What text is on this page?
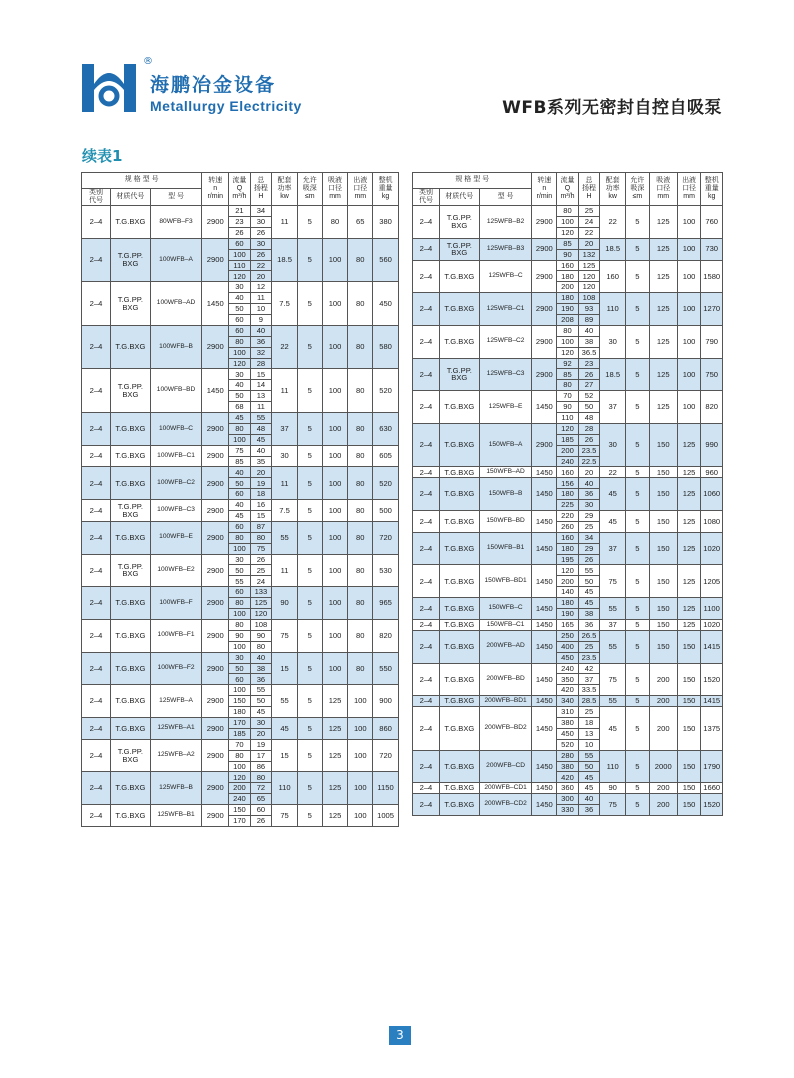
®
海鹏冶金设备
Metallurgy Electricity	WFB系列无密封自控自吸泵
续表1
规 格 型 号			转速
n
r/min	流量
Q
m³/h	总
扬程
H	配套
功率
kw	允许
吸深
≤m	吸液
口径
mm	出液
口径
mm	整机
重量
kg
类别
代号	材质代号	型 号								
2–4	T.G.BXG	80WFB–F3	2900	21	34	11	5	80	65	380
				23	30					
				26	26					
2–4	T.G.PP.
BXG	100WFB–A	2900	60	30	18.5	5	100	80	560
				100	26					
				110	22					
				120	20					
2–4	T.G.PP.
BXG	100WFB–AD	1450	30	12	7.5	5	100	80	450
				40	11					
				50	10					
				60	9					
2–4	T.G.BXG	100WFB–B	2900	60	40	22	5	100	80	580
				80	36					
				100	32					
				120	28					
2–4	T.G.PP.
BXG	100WFB–BD	1450	30	15	11	5	100	80	520
				40	14					
				50	13					
				68	11					
2–4	T.G.BXG	100WFB–C	2900	45	55	37	5	100	80	630
				80	48					
				100	45					
2–4	T.G.BXG	100WFB–C1	2900	75	40	30	5	100	80	605
				85	35					
2–4	T.G.BXG	100WFB–C2	2900	40	20	11	5	100	80	520
				50	19					
				60	18					
2–4	T.G.PP.
BXG	100WFB–C3	2900	40	16	7.5	5	100	80	500
				45	15					
2–4	T.G.BXG	100WFB–E	2900	60	87	55	5	100	80	720
				80	80					
				100	75					
2–4	T.G.PP.
BXG	100WFB–E2	2900	30	26	11	5	100	80	530
				50	25					
				55	24					
2–4	T.G.BXG	100WFB–F	2900	60	133	90	5	100	80	965
				80	125					
				100	120					
2–4	T.G.BXG	100WFB–F1	2900	80	108	75	5	100	80	820
				90	90					
				100	80					
2–4	T.G.BXG	100WFB–F2	2900	30	40	15	5	100	80	550
				50	38					
				60	36					
2–4	T.G.BXG	125WFB–A	2900	100	55	55	5	125	100	900
				150	50					
				180	45					
2–4	T.G.BXG	125WFB–A1	2900	170	30	45	5	125	100	860
				185	20					
2–4	T.G.PP.
BXG	125WFB–A2	2900	70	19	15	5	125	100	720
				80	17					
				100	86					
2–4	T.G.BXG	125WFB–B	2900	120	80	110	5	125	100	1150
				200	72					
				240	65					
2–4	T.G.BXG	125WFB–B1	2900	150	60	75	5	125	100	1005
				170	26					
规 格 型 号			转速
n
r/min	流量
Q
m³/h	总
扬程
H	配套
功率
kw	允许
吸深
≤m	吸液
口径
mm	出液
口径
mm	整机
重量
kg
类别
代号	材质代号	型 号								
2–4	T.G.PP.
BXG	125WFB–B2	2900	80	25	22	5	125	100	760
				100	24					
				120	22					
2–4	T.G.PP.
BXG	125WFB–B3	2900	85	20	18.5	5	125	100	730
				90	132					
2–4	T.G.BXG	125WFB–C	2900	160	125	160	5	125	100	1580
				180	120					
				200	120					
2–4	T.G.BXG	125WFB–C1	2900	180	108	110	5	125	100	1270
				190	93					
				208	89					
2–4	T.G.BXG	125WFB–C2	2900	80	40	30	5	125	100	790
				100	38					
				120	36.5					
2–4	T.G.PP.
BXG	125WFB–C3	2900	92	23	18.5	5	125	100	750
				85	26					
				80	27					
2–4	T.G.BXG	125WFB–E	1450	70	52	37	5	125	100	820
				90	50					
				110	48					
2–4	T.G.BXG	150WFB–A	2900	120	28	30	5	150	125	990
				185	26					
				200	23.5					
				240	22.5					
2–4	T.G.BXG	150WFB–AD	1450	160	20	22	5	150	125	960
2–4	T.G.BXG	150WFB–B	1450	156	40	45	5	150	125	1060
				180	36					
				225	30					
2–4	T.G.BXG	150WFB–BD	1450	220	29	45	5	150	125	1080
				260	25					
2–4	T.G.BXG	150WFB–B1	1450	160	34	37	5	150	125	1020
				180	29					
				195	26					
2–4	T.G.BXG	150WFB–BD1	1450	120	55	75	5	150	125	1205
				200	50					
				140	45					
2–4	T.G.BXG	150WFB–C	1450	180	45	55	5	150	125	1100
				190	38					
2–4	T.G.BXG	150WFB–C1	1450	165	36	37	5	150	125	1020
2–4	T.G.BXG	200WFB–AD	1450	250	26.5	55	5	150	150	1415
				400	25					
				450	23.5					
2–4	T.G.BXG	200WFB–BD	1450	240	42	75	5	200	150	1520
				350	37					
				420	33.5					
2–4	T.G.BXG	200WFB–BD1	1450	340	28.5	55	5	200	150	1415
2–4	T.G.BXG	200WFB–BD2	1450	310	25	45	5	200	150	1375
				380	18					
				450	13					
				520	10					
2–4	T.G.BXG	200WFB–CD	1450	280	55	110	5	2000	150	1790
				380	50					
				420	45					
2–4	T.G.BXG	200WFB–CD1	1450	360	45	90	5	200	150	1660
2–4	T.G.BXG	200WFB–CD2	1450	300	40	75	5	200	150	1520
				330	36					
3
